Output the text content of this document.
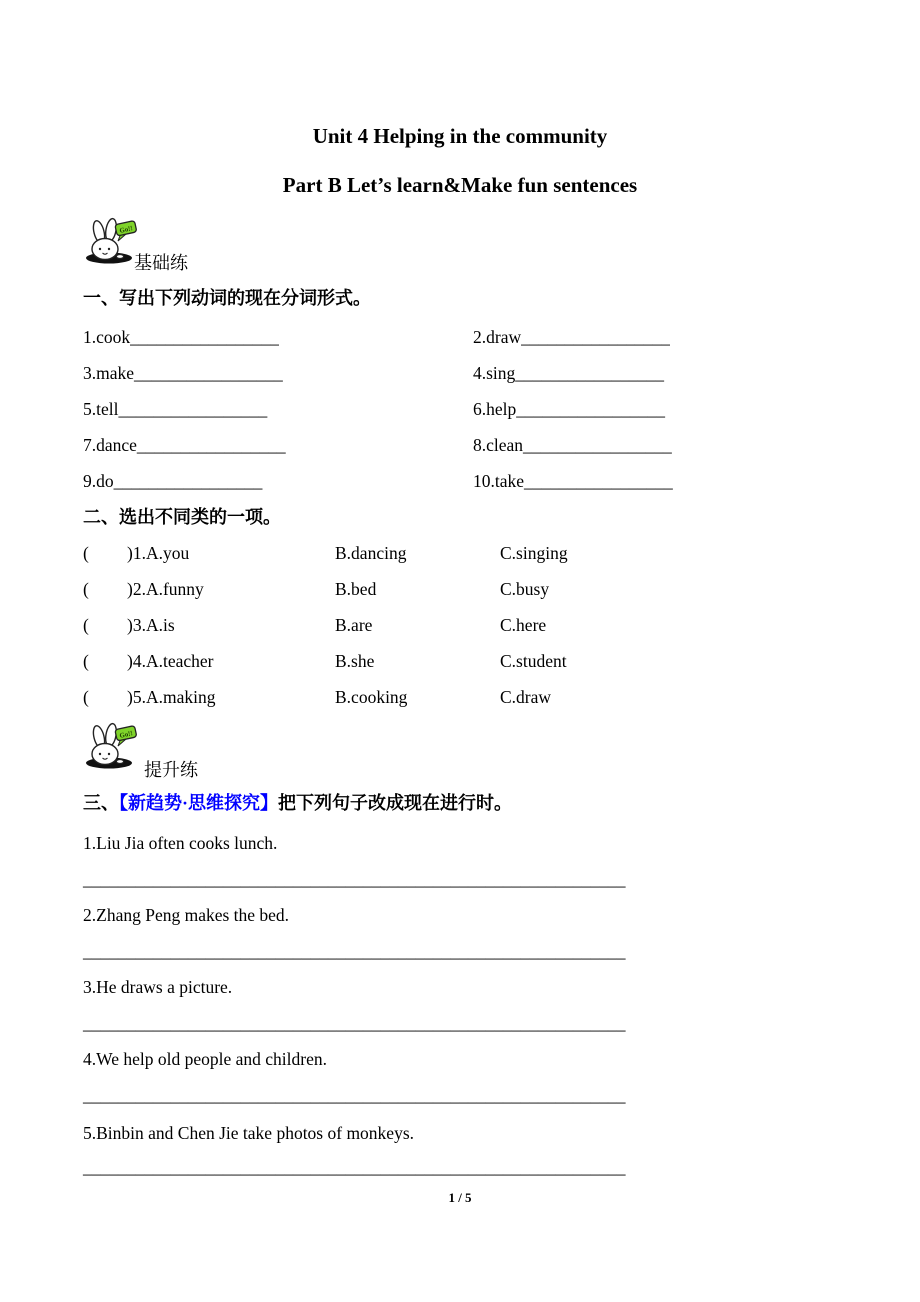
Unit 4 Helping in the community
Part B Let’s learn&Make fun sentences
Go!!
基础练
一、写出下列动词的现在分词形式。
1.cook_________________	2.draw_________________
3.make_________________	4.sing_________________
5.tell_________________	6.help_________________
7.dance_________________	8.clean_________________
9.do_________________	10.take_________________
二、选出不同类的一项。
( )1.A.you	B.dancing	C.singing
( )2.A.funny	B.bed	C.busy
( )3.A.is	B.are	C.here
( )4.A.teacher	B.she	C.student
( )5.A.making	B.cooking	C.draw
Go!!
提升练
三、【新趋势·思维探究】把下列句子改成现在进行时。
1.Liu Jia often cooks lunch.
______________________________________________________________
2.Zhang Peng makes the bed.
______________________________________________________________
3.He draws a picture.
______________________________________________________________
4.We help old people and children.
______________________________________________________________
5.Binbin and Chen Jie take photos of monkeys.
______________________________________________________________
1 / 5
